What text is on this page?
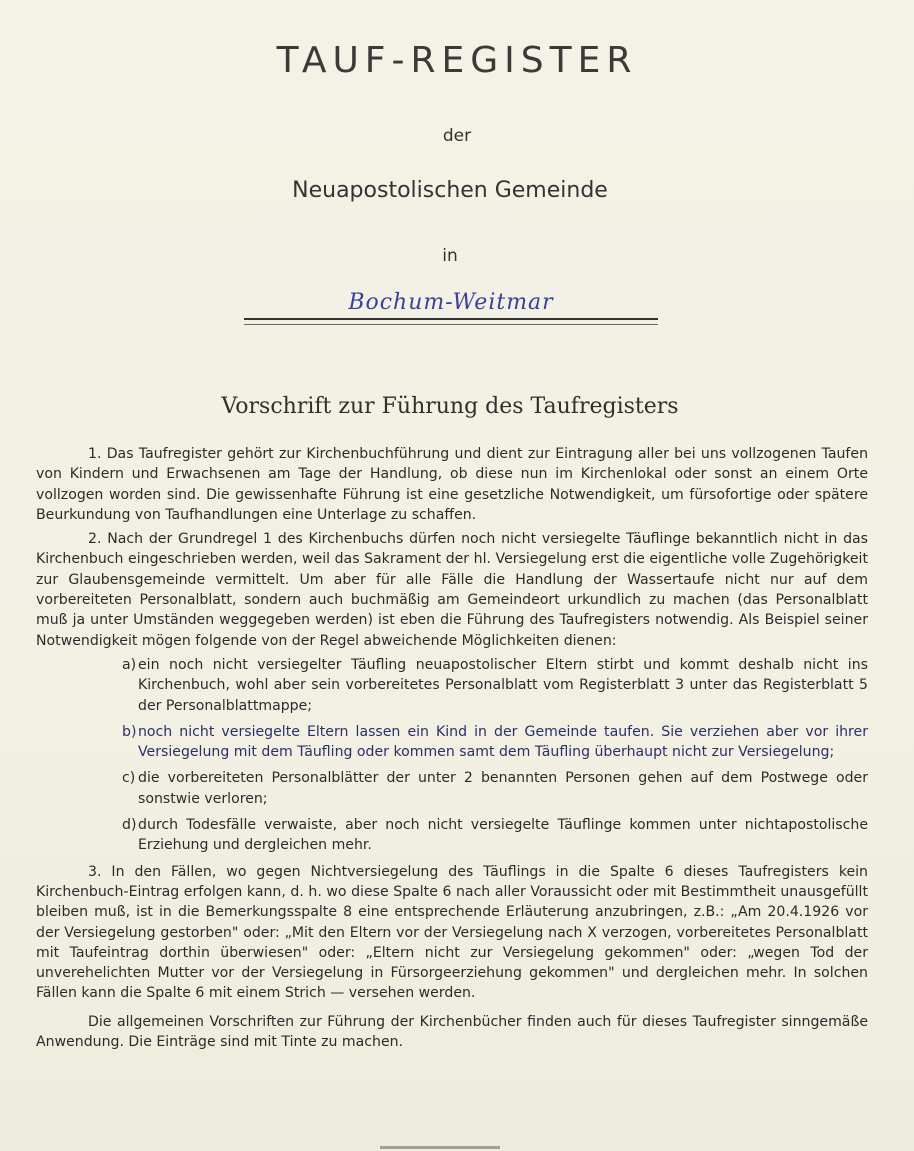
TAUF-REGISTER
der
Neuapostolischen Gemeinde
in
Bochum-Weitmar
Vorschrift zur Führung des Taufregisters

1. Das Taufregister gehört zur Kirchenbuchführung und dient zur Eintragung aller bei uns vollzogenen Taufen von Kindern und Erwachsenen am Tage der Handlung, ob diese nun im Kirchenlokal oder sonst an einem Orte vollzogen worden sind. Die gewissenhafte Führung ist eine gesetzliche Notwendigkeit, um fürsofortige oder spätere Beurkundung von Taufhandlungen eine Unterlage zu schaffen.

2. Nach der Grundregel 1 des Kirchenbuchs dürfen noch nicht versiegelte Täuflinge bekanntlich nicht in das Kirchenbuch eingeschrieben werden, weil das Sakrament der hl. Versiegelung erst die eigentliche volle Zugehörigkeit zur Glaubensgemeinde vermittelt. Um aber für alle Fälle die Handlung der Wassertaufe nicht nur auf dem vorbereiteten Personalblatt, sondern auch buchmäßig am Gemeindeort urkundlich zu machen (das Personalblatt muß ja unter Umständen weggegeben werden) ist eben die Führung des Taufregisters notwendig. Als Beispiel seiner Notwendigkeit mögen folgende von der Regel abweichende Möglichkeiten dienen:

a) ein noch nicht versiegelter Täufling neuapostolischer Eltern stirbt und kommt deshalb nicht ins Kirchenbuch, wohl aber sein vorbereitetes Personalblatt vom Registerblatt 3 unter das Registerblatt 5 der Personalblattmappe;
b) noch nicht versiegelte Eltern lassen ein Kind in der Gemeinde taufen. Sie verziehen aber vor ihrer Versiegelung mit dem Täufling oder kommen samt dem Täufling überhaupt nicht zur Versiegelung;
c) die vorbereiteten Personalblätter der unter 2 benannten Personen gehen auf dem Postwege oder sonstwie verloren;
d) durch Todesfälle verwaiste, aber noch nicht versiegelte Täuflinge kommen unter nichtapostolische Erziehung und dergleichen mehr.

3. In den Fällen, wo gegen Nichtversiegelung des Täuflings in die Spalte 6 dieses Taufregisters kein Kirchenbuch-Eintrag erfolgen kann, d. h. wo diese Spalte 6 nach aller Voraussicht oder mit Bestimmtheit unausgefüllt bleiben muß, ist in die Bemerkungsspalte 8 eine entsprechende Erläuterung anzubringen, z.B.: „Am 20.4.1926 vor der Versiegelung gestorben" oder: „Mit den Eltern vor der Versiegelung nach X verzogen, vorbereitetes Personalblatt mit Taufeintrag dorthin überwiesen" oder: „Eltern nicht zur Versiegelung gekommen" oder: „wegen Tod der unverehelichten Mutter vor der Versiegelung in Fürsorgeerziehung gekommen" und dergleichen mehr. In solchen Fällen kann die Spalte 6 mit einem Strich — versehen werden.

Die allgemeinen Vorschriften zur Führung der Kirchenbücher finden auch für dieses Taufregister sinngemäße Anwendung. Die Einträge sind mit Tinte zu machen.
